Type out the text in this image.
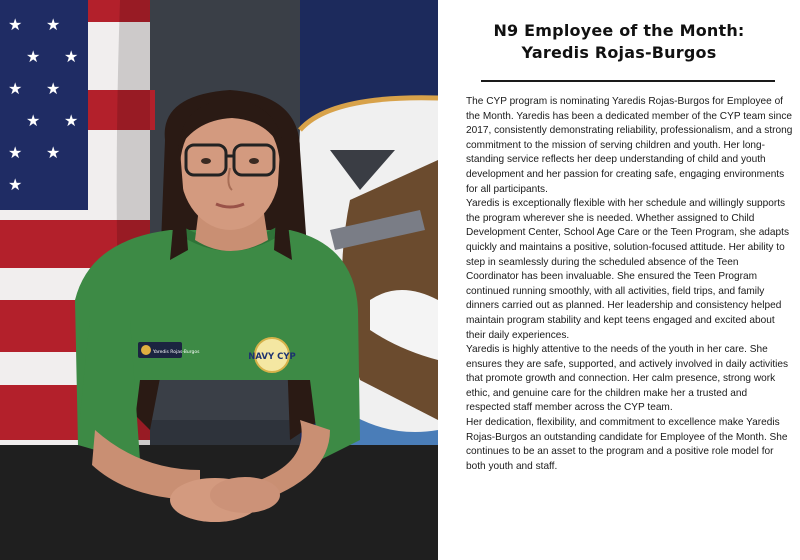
★ ★
★ ★
★ ★
★ ★
★ ★
★
Yaredis Rojas-Burgos	NAVY CYP
N9 Employee of the Month:
Yaredis Rojas-Burgos

The CYP program is nominating Yaredis Rojas-Burgos for Employee of the Month. Yaredis has been a dedicated member of the CYP team since 2017, consistently demonstrating reliability, professionalism, and a strong commitment to the mission of serving children and youth. Her long-standing service reflects her deep understanding of child and youth development and her passion for creating safe, engaging environments for all participants.

Yaredis is exceptionally flexible with her schedule and willingly supports the program wherever she is needed. Whether assigned to Child Development Center, School Age Care or the Teen Program, she adapts quickly and maintains a positive, solution-focused attitude. Her ability to step in seamlessly during the scheduled absence of the Teen Coordinator has been invaluable. She ensured the Teen Program continued running smoothly, with all activities, field trips, and family dinners carried out as planned. Her leadership and consistency helped maintain program stability and kept teens engaged and excited about their daily experiences.

Yaredis is highly attentive to the needs of the youth in her care. She ensures they are safe, supported, and actively involved in daily activities that promote growth and connection. Her calm presence, strong work ethic, and genuine care for the children make her a trusted and respected staff member across the CYP team.

Her dedication, flexibility, and commitment to excellence make Yaredis Rojas-Burgos an outstanding candidate for Employee of the Month. She continues to be an asset to the program and a positive role model for both youth and staff.
